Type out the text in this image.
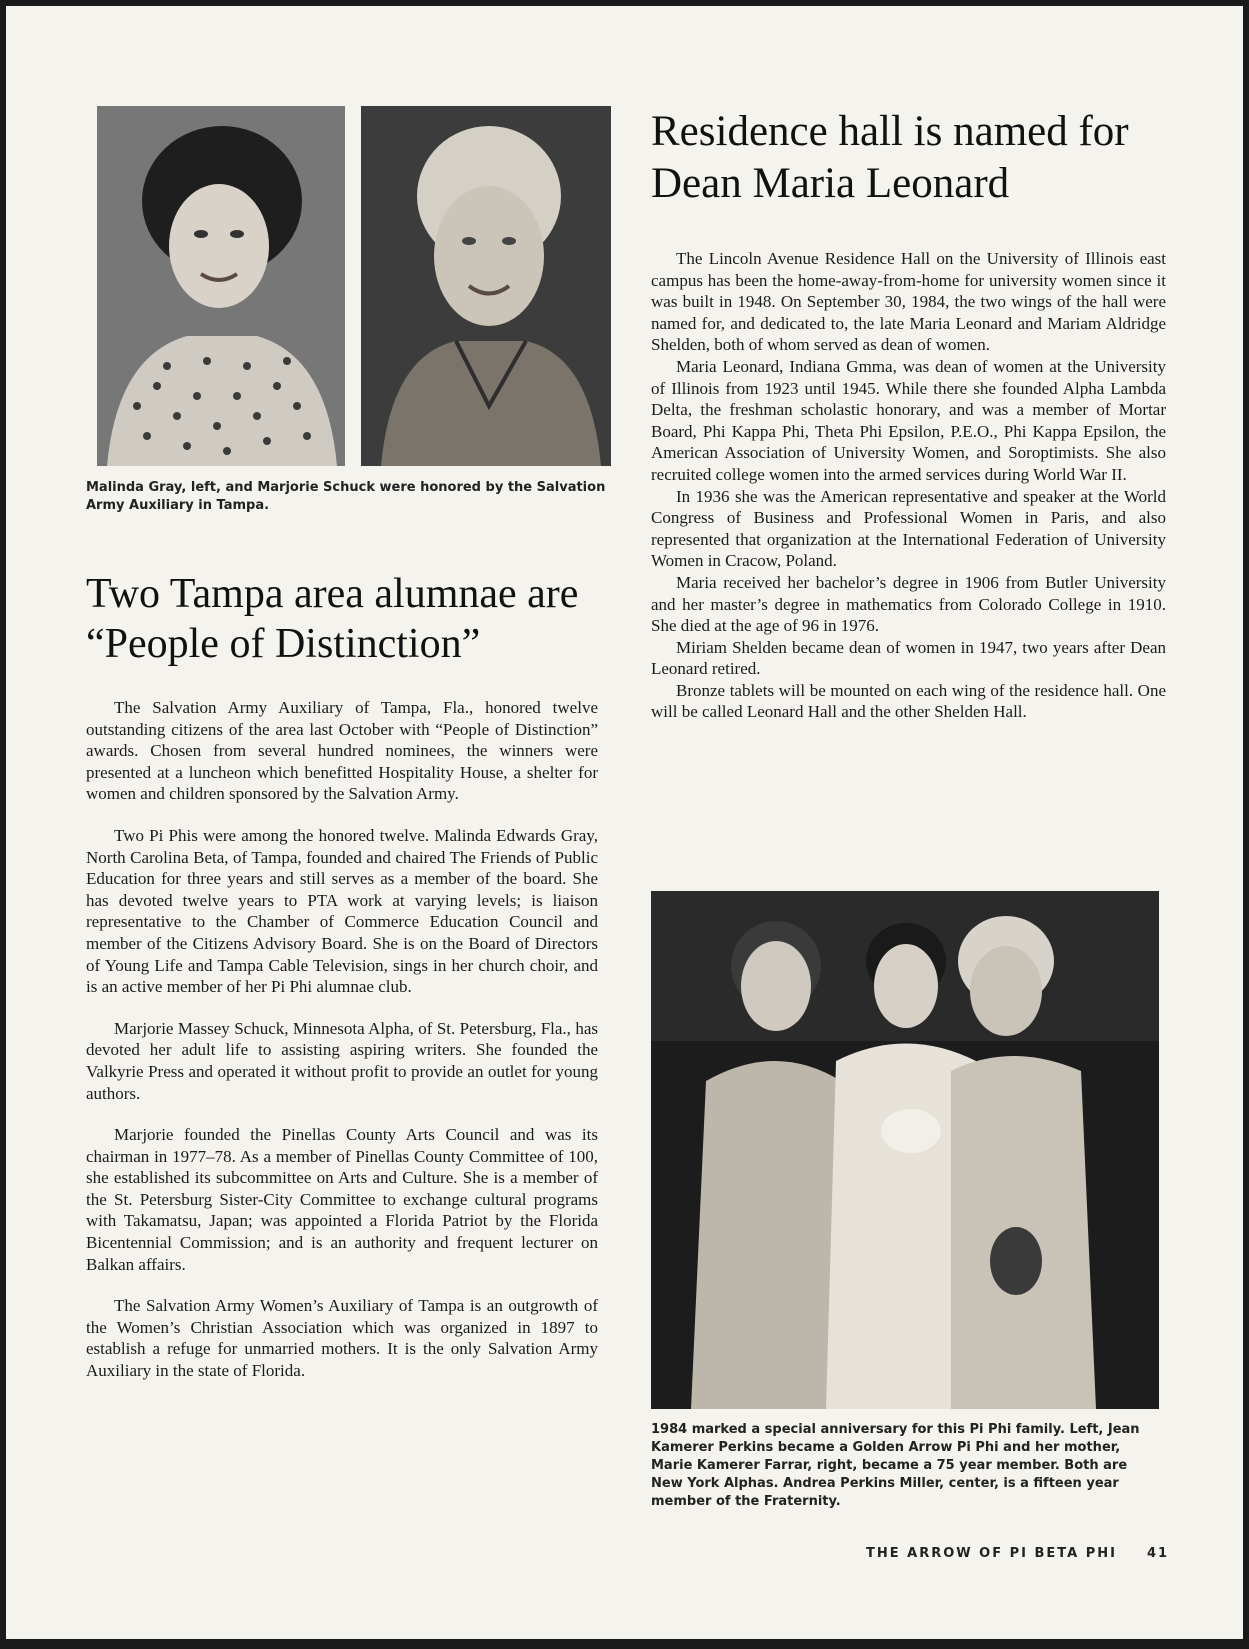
Malinda Gray, left, and Marjorie Schuck were honored by the Salvation Army Auxiliary in Tampa.
Two Tampa area alumnae are “People of Distinction”

The Salvation Army Auxiliary of Tampa, Fla., honored twelve outstanding citizens of the area last October with “People of Distinction” awards. Chosen from several hundred nominees, the winners were presented at a luncheon which benefitted Hospitality House, a shelter for women and children sponsored by the Salvation Army.

Two Pi Phis were among the honored twelve. Malinda Edwards Gray, North Carolina Beta, of Tampa, founded and chaired The Friends of Public Education for three years and still serves as a member of the board. She has devoted twelve years to PTA work at varying levels; is liaison representative to the Chamber of Commerce Education Council and member of the Citizens Advisory Board. She is on the Board of Directors of Young Life and Tampa Cable Television, sings in her church choir, and is an active member of her Pi Phi alumnae club.

Marjorie Massey Schuck, Minnesota Alpha, of St. Petersburg, Fla., has devoted her adult life to assisting aspiring writers. She founded the Valkyrie Press and operated it without profit to provide an outlet for young authors.

Marjorie founded the Pinellas County Arts Council and was its chairman in 1977–78. As a member of Pinellas County Committee of 100, she established its subcommittee on Arts and Culture. She is a member of the St. Petersburg Sister-City Committee to exchange cultural programs with Takamatsu, Japan; was appointed a Florida Patriot by the Florida Bicentennial Commission; and is an authority and frequent lecturer on Balkan affairs.

The Salvation Army Women’s Auxiliary of Tampa is an outgrowth of the Women’s Christian Association which was organized in 1897 to establish a refuge for unmarried mothers. It is the only Salvation Army Auxiliary in the state of Florida.

Residence hall is named for Dean Maria Leonard

The Lincoln Avenue Residence Hall on the University of Illinois east campus has been the home-away-from-home for university women since it was built in 1948. On September 30, 1984, the two wings of the hall were named for, and dedicated to, the late Maria Leonard and Mariam Aldridge Shelden, both of whom served as dean of women.

Maria Leonard, Indiana Gmma, was dean of women at the University of Illinois from 1923 until 1945. While there she founded Alpha Lambda Delta, the freshman scholastic honorary, and was a member of Mortar Board, Phi Kappa Phi, Theta Phi Epsilon, P.E.O., Phi Kappa Epsilon, the American Association of University Women, and Soroptimists. She also recruited college women into the armed services during World War II.

In 1936 she was the American representative and speaker at the World Congress of Business and Professional Women in Paris, and also represented that organization at the International Federation of University Women in Cracow, Poland.

Maria received her bachelor’s degree in 1906 from Butler University and her master’s degree in mathematics from Colorado College in 1910. She died at the age of 96 in 1976.

Miriam Shelden became dean of women in 1947, two years after Dean Leonard retired.

Bronze tablets will be mounted on each wing of the residence hall. One will be called Leonard Hall and the other Shelden Hall.

1984 marked a special anniversary for this Pi Phi family. Left, Jean Kamerer Perkins became a Golden Arrow Pi Phi and her mother, Marie Kamerer Farrar, right, became a 75 year member. Both are New York Alphas. Andrea Perkins Miller, center, is a fifteen year member of the Fraternity.
THE ARROW OF PI BETA PHI 41
